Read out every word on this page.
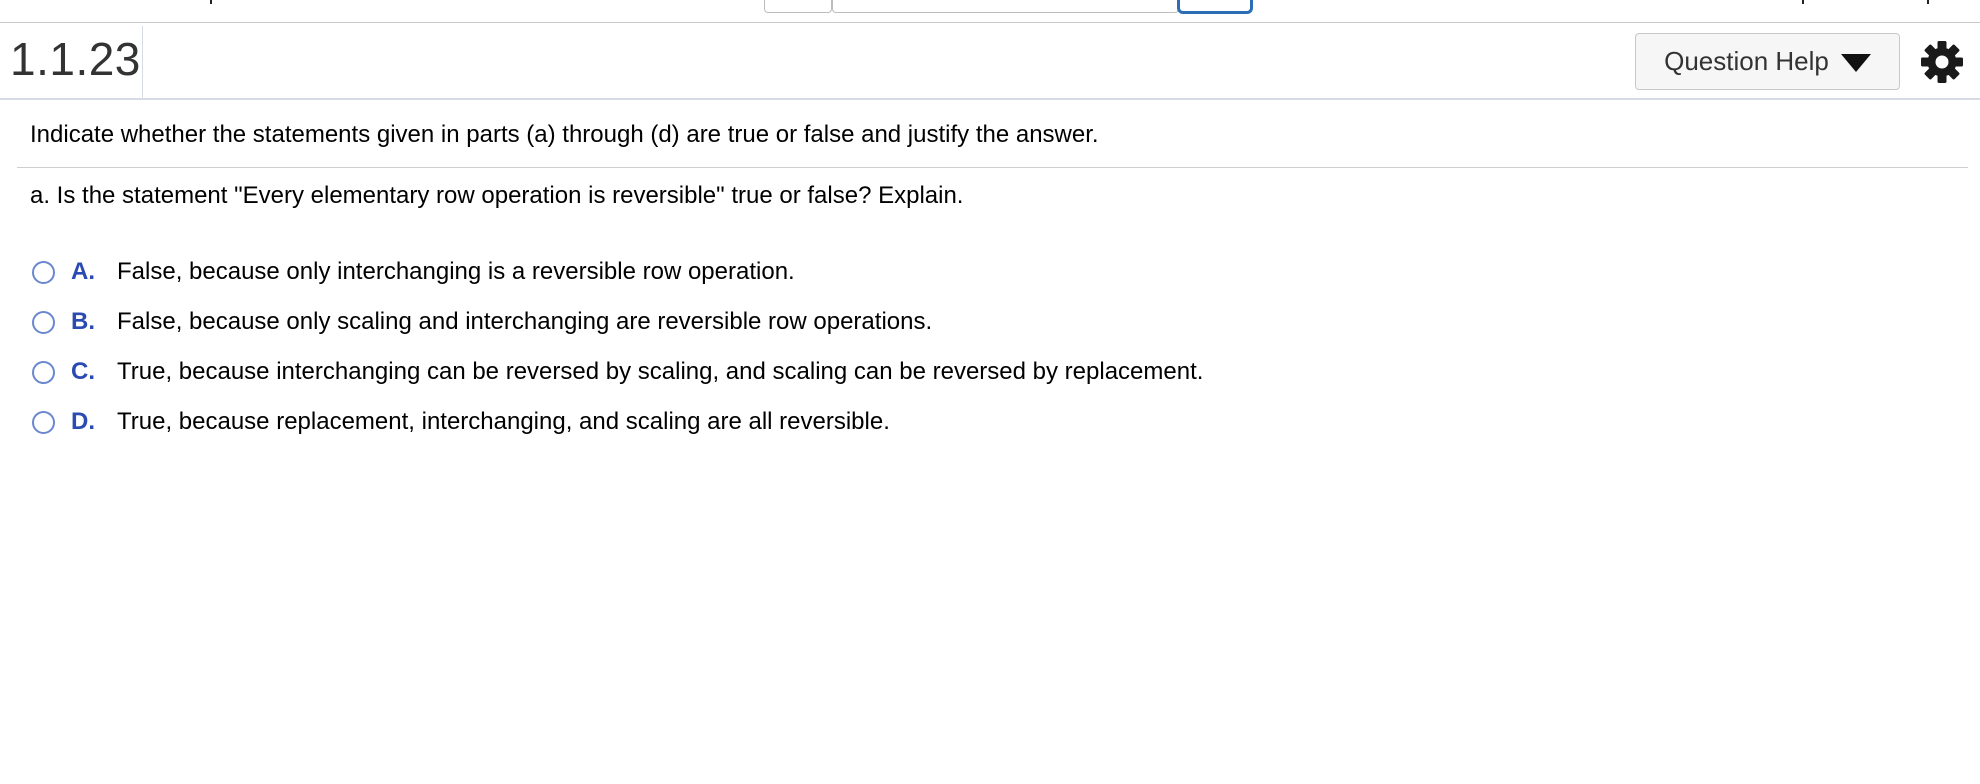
1.1.23	Question Help
Indicate whether the statements given in parts (a) through (d) are true or false and justify the answer.
a. Is the statement "Every elementary row operation is reversible" true or false? Explain.
A. False, because only interchanging is a reversible row operation.
B. False, because only scaling and interchanging are reversible row operations.
C. True, because interchanging can be reversed by scaling, and scaling can be reversed by replacement.
D. True, because replacement, interchanging, and scaling are all reversible.
